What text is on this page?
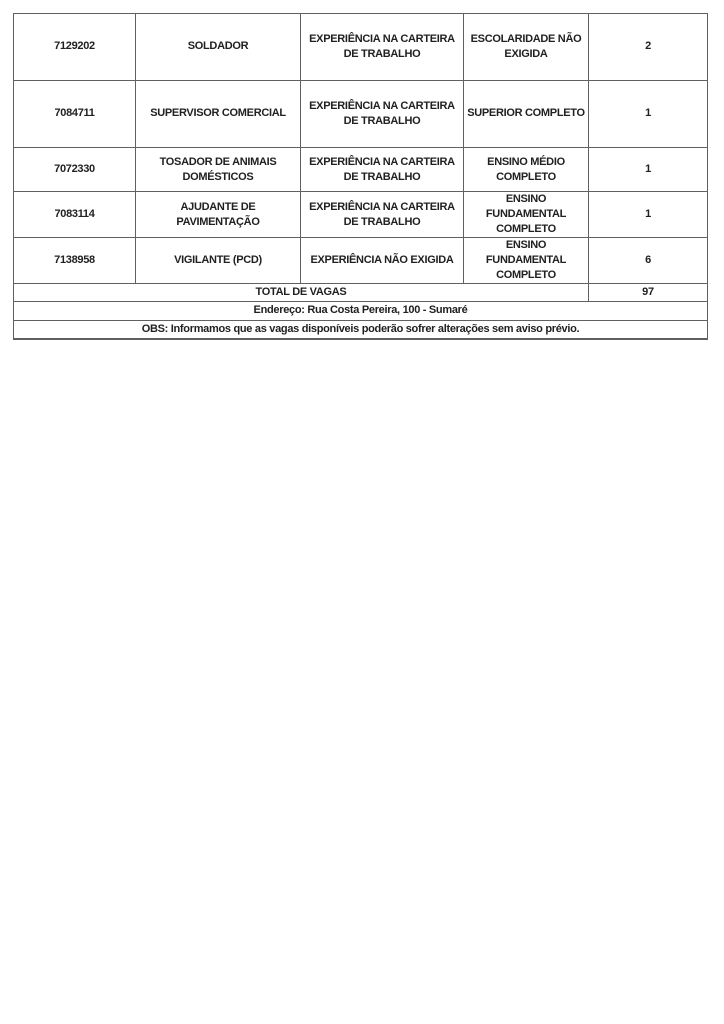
7129202	SOLDADOR	EXPERIÊNCIA NA CARTEIRA DE TRABALHO	ESCOLARIDADE NÃO EXIGIDA	2
7084711	SUPERVISOR COMERCIAL	EXPERIÊNCIA NA CARTEIRA DE TRABALHO	SUPERIOR COMPLETO	1
7072330	TOSADOR DE ANIMAIS DOMÉSTICOS	EXPERIÊNCIA NA CARTEIRA DE TRABALHO	ENSINO MÉDIO COMPLETO	1
7083114	AJUDANTE DE PAVIMENTAÇÃO	EXPERIÊNCIA NA CARTEIRA DE TRABALHO	ENSINO FUNDAMENTAL COMPLETO	1
7138958	VIGILANTE (PCD)	EXPERIÊNCIA NÃO EXIGIDA	ENSINO FUNDAMENTAL COMPLETO	6
TOTAL DE VAGAS				97
Endereço: Rua Costa Pereira, 100 - Sumaré				
OBS: Informamos que as vagas disponíveis poderão sofrer alterações sem aviso prévio.				
